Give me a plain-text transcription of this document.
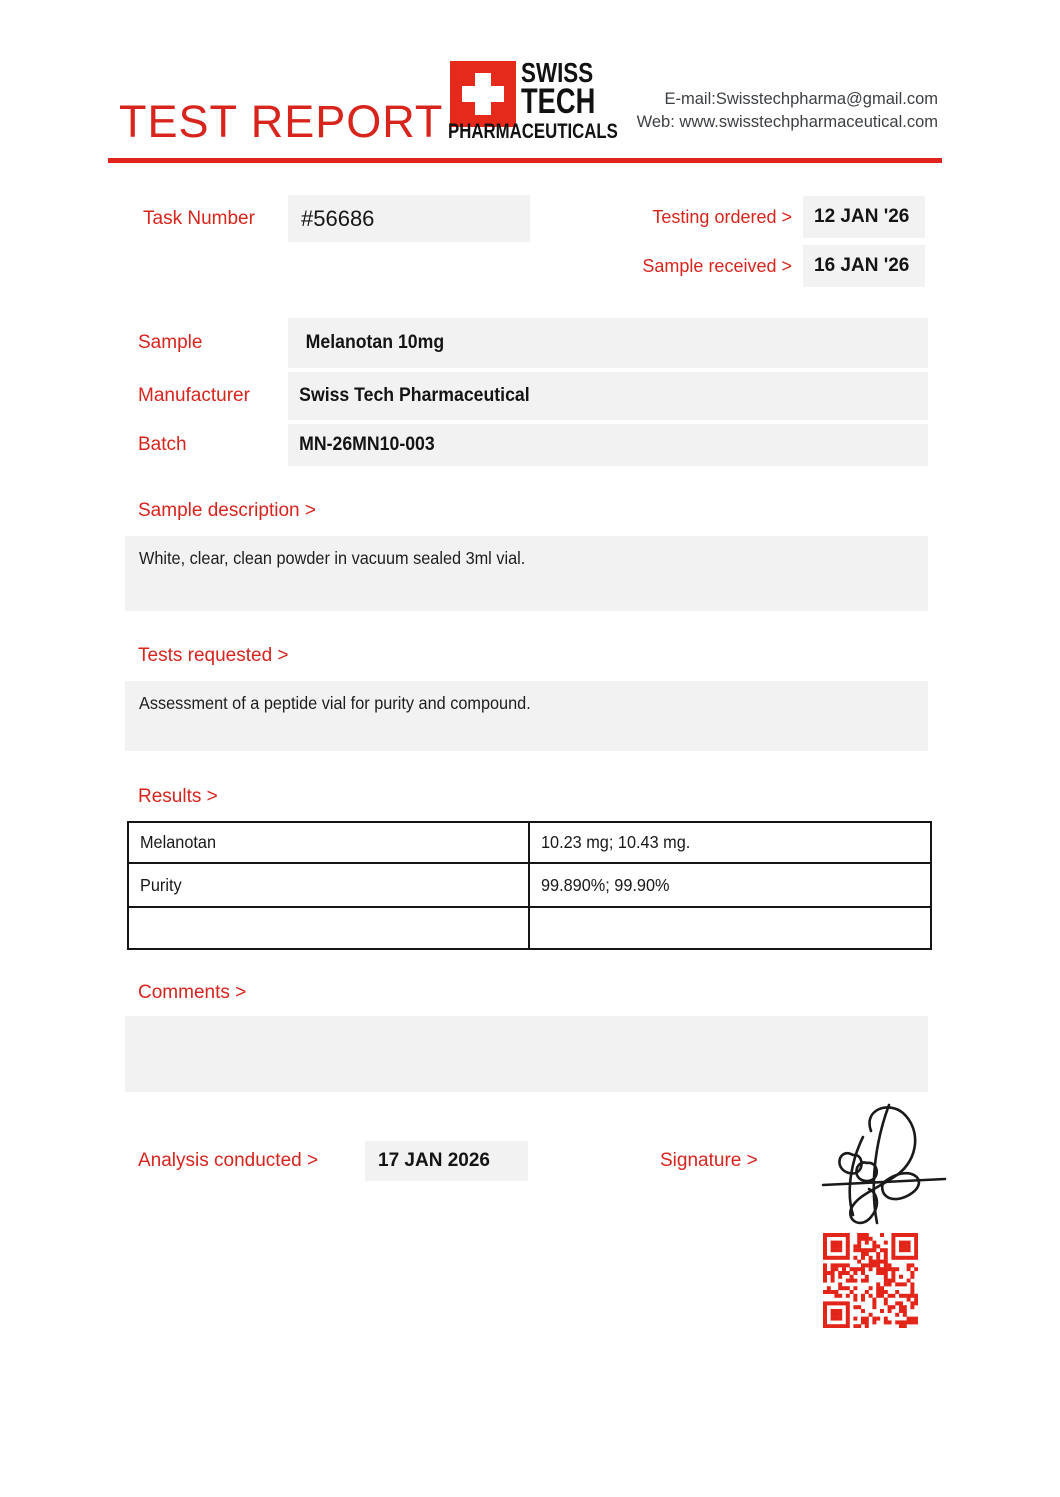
TEST REPORT
SWISS
TECH
PHARMACEUTICALS
E-mail:Swisstechpharma@gmail.com
Web: www.swisstechpharmaceutical.com
Task Number	#56686	Testing ordered >	12 JAN '26
Sample received >	16 JAN '26
Sample	Melanotan 10mg
Manufacturer	Swiss Tech Pharmaceutical
Batch	MN-26MN10-003
Sample description >
White, clear, clean powder in vacuum sealed 3ml vial.
Tests requested >
Assessment of a peptide vial for purity and compound.
Results >
Melanotan	10.23 mg; 10.43 mg.
Purity	99.890%; 99.90%
Comments >
Analysis conducted >	17 JAN 2026	Signature >
